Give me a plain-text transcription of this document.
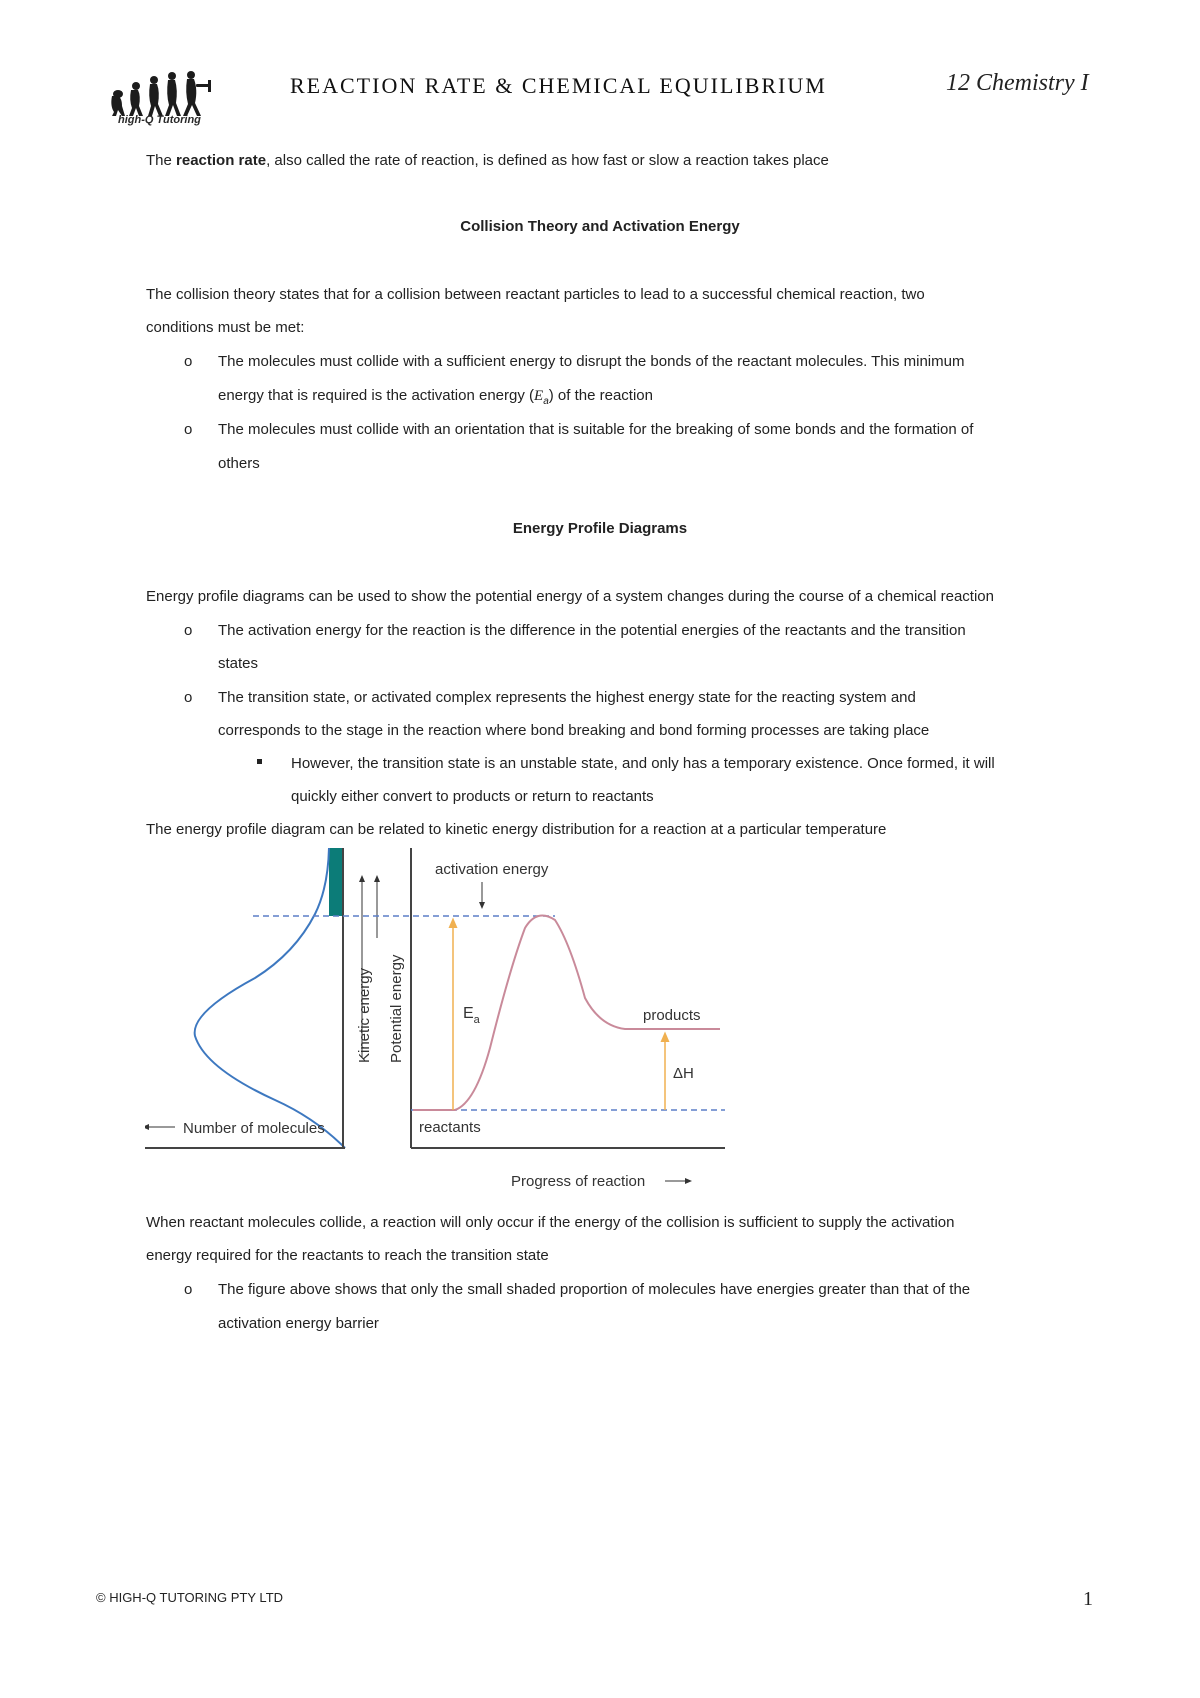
high-Q Tutoring
REACTION RATE & CHEMICAL EQUILIBRIUM	12 Chemistry I
The reaction rate, also called the rate of reaction, is defined as how fast or slow a reaction takes place
Collision Theory and Activation Energy
The collision theory states that for a collision between reactant particles to lead to a successful chemical reaction, two
conditions must be met:
o The molecules must collide with a sufficient energy to disrupt the bonds of the reactant molecules. This minimum
energy that is required is the activation energy $(E_a)$ of the reaction
o The molecules must collide with an orientation that is suitable for the breaking of some bonds and the formation of
others
Energy Profile Diagrams
Energy profile diagrams can be used to show the potential energy of a system changes during the course of a chemical reaction
o The activation energy for the reaction is the difference in the potential energies of the reactants and the transition
states
o The transition state, or activated complex represents the highest energy state for the reacting system and
corresponds to the stage in the reaction where bond breaking and bond forming processes are taking place
However, the transition state is an unstable state, and only has a temporary existence. Once formed, it will
quickly either convert to products or return to reactants
The energy profile diagram can be related to kinetic energy distribution for a reaction at a particular temperature
Kinetic energy Potential energy	$E_a$
ΔH
activation energy
products
reactants
Number of molecules
Progress of reaction
When reactant molecules collide, a reaction will only occur if the energy of the collision is sufficient to supply the activation
energy required for the reactants to reach the transition state
o The figure above shows that only the small shaded proportion of molecules have energies greater than that of the
activation energy barrier
© HIGH-Q TUTORING PTY LTD	1
